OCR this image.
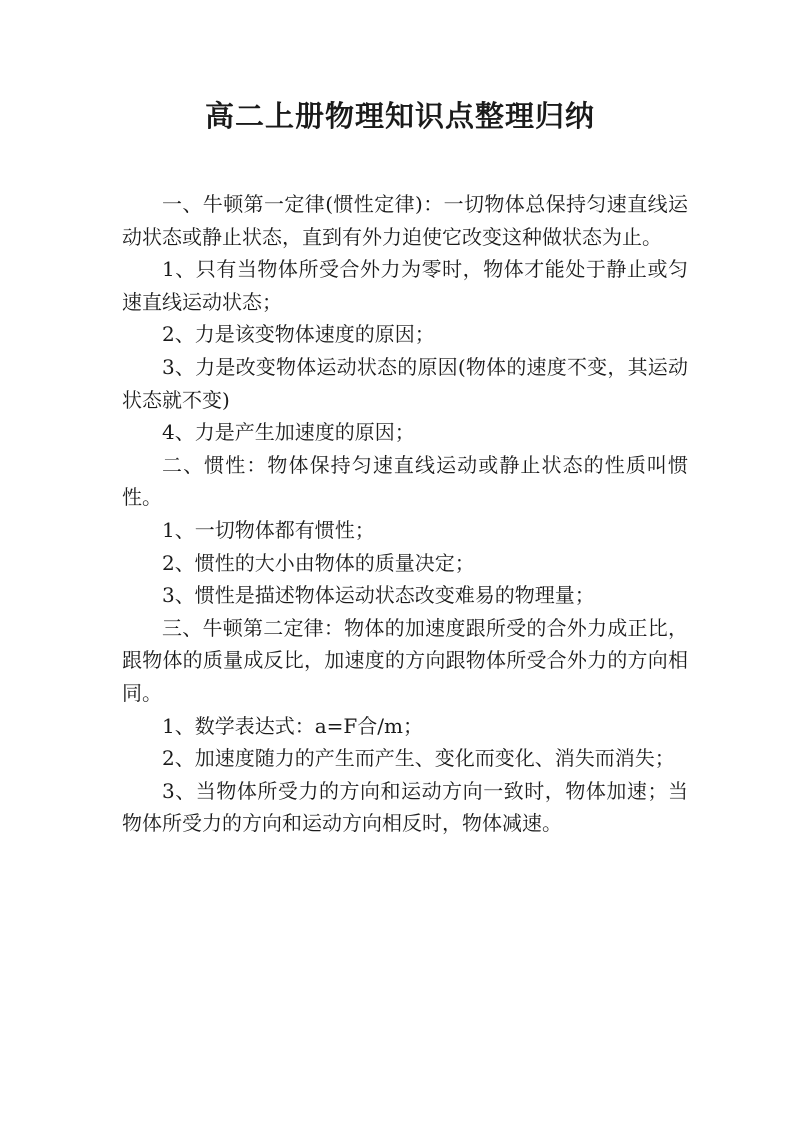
高二上册物理知识点整理归纳

一、牛顿第一定律(惯性定律)：一切物体总保持匀速直线运动状态或静止状态，直到有外力迫使它改变这种做状态为止。

1、只有当物体所受合外力为零时，物体才能处于静止或匀速直线运动状态；

2、力是该变物体速度的原因；

3、力是改变物体运动状态的原因(物体的速度不变，其运动状态就不变)

4、力是产生加速度的原因；

二、惯性：物体保持匀速直线运动或静止状态的性质叫惯性。

1、一切物体都有惯性；

2、惯性的大小由物体的质量决定；

3、惯性是描述物体运动状态改变难易的物理量；

三、牛顿第二定律：物体的加速度跟所受的合外力成正比，跟物体的质量成反比，加速度的方向跟物体所受合外力的方向相同。

1、数学表达式：a=F合/m；

2、加速度随力的产生而产生、变化而变化、消失而消失；

3、当物体所受力的方向和运动方向一致时，物体加速；当物体所受力的方向和运动方向相反时，物体减速。
